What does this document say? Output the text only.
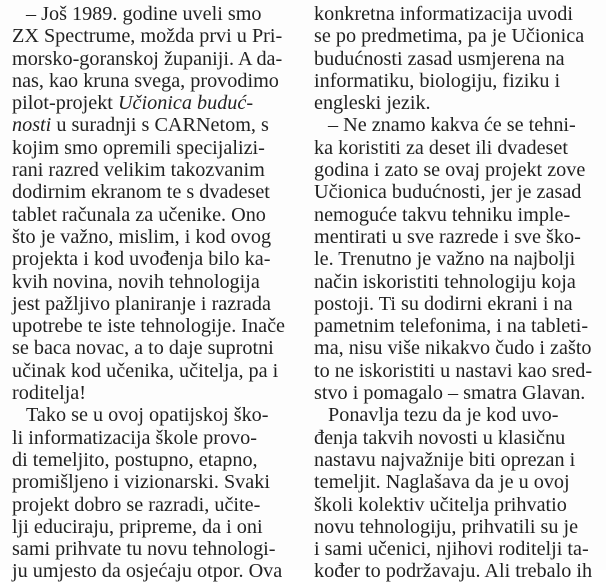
– Još 1989. godine uveli smo
ZX Spectrume, možda prvi u Pri-
morsko-goranskoj županiji. A da-
nas, kao kruna svega, provodimo
pilot-projekt Učionica buduć-
nosti u suradnji s CARNetom, s
kojim smo opremili specijalizi-
rani razred velikim takozvanim
dodirnim ekranom te s dvadeset
tablet računala za učenike. Ono
što je važno, mislim, i kod ovog
projekta i kod uvođenja bilo ka-
kvih novina, novih tehnologija
jest pažljivo planiranje i razrada
upotrebe te iste tehnologije. Inače
se baca novac, a to daje suprotni
učinak kod učenika, učitelja, pa i
roditelja!
Tako se u ovoj opatijskoj ško-
li informatizacija škole provo-
di temeljito, postupno, etapno,
promišljeno i vizionarski. Svaki
projekt dobro se razradi, učite-
lji educiraju, pripreme, da i oni
sami prihvate tu novu tehnologi-
ju umjesto da osjećaju otpor. Ova
konkretna informatizacija uvodi
se po predmetima, pa je Učionica
budućnosti zasad usmjerena na
informatiku, biologiju, fiziku i
engleski jezik.
– Ne znamo kakva će se tehni-
ka koristiti za deset ili dvadeset
godina i zato se ovaj projekt zove
Učionica budućnosti, jer je zasad
nemoguće takvu tehniku imple-
mentirati u sve razrede i sve ško-
le. Trenutno je važno na najbolji
način iskoristiti tehnologiju koja
postoji. Ti su dodirni ekrani i na
pametnim telefonima, i na tableti-
ma, nisu više nikakvo čudo i zašto
to ne iskoristiti u nastavi kao sred-
stvo i pomagalo – smatra Glavan.
Ponavlja tezu da je kod uvo-
đenja takvih novosti u klasičnu
nastavu najvažnije biti oprezan i
temeljit. Naglašava da je u ovoj
školi kolektiv učitelja prihvatio
novu tehnologiju, prihvatili su je
i sami učenici, njihovi roditelji ta-
kođer to podržavaju. Ali trebalo ih
